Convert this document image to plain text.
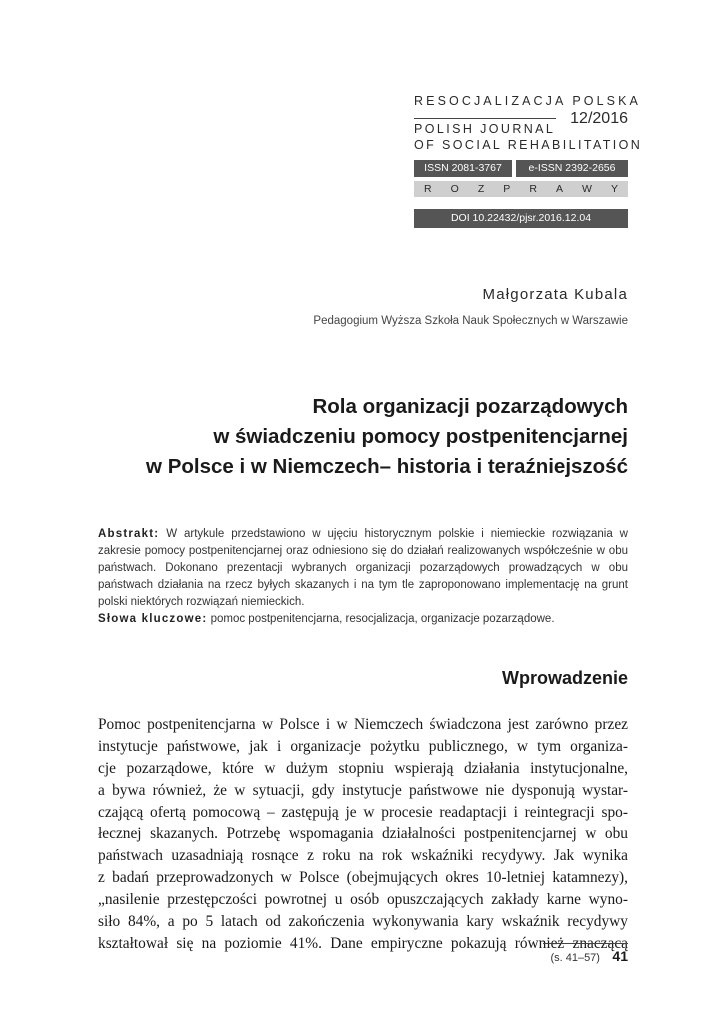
RESOCJALIZACJA POLSKA
POLISH JOURNAL
12/2016
OF SOCIAL REHABILITATION
ISSN 2081-3767	e-ISSN 2392-2656
R O Z P R A W Y
DOI 10.22432/pjsr.2016.12.04
Małgorzata Kubala
Pedagogium Wyższa Szkoła Nauk Społecznych w Warszawie
Rola organizacji pozarządowych
w świadczeniu pomocy postpenitencjarnej
w Polsce i w Niemczech– historia i teraźniejszość

Abstrakt: W artykule przedstawiono w ujęciu historycznym polskie i niemieckie rozwiązania w zakresie pomocy postpenitencjarnej oraz odniesiono się do działań realizowanych współcześnie w obu państwach. Dokonano prezentacji wybranych organizacji pozarządowych prowadzących w obu państwach działania na rzecz byłych skazanych i na tym tle zaproponowano implementację na grunt polski niektórych rozwiązań niemieckich.

Słowa kluczowe: pomoc postpenitencjarna, resocjalizacja, organizacje pozarządowe.

Wprowadzenie
Pomoc postpenitencjarna w Polsce i w Niemczech świadczona jest zarówno przez
instytucje państwowe, jak i organizacje pożytku publicznego, w tym organiza-
cje pozarządowe, które w dużym stopniu wspierają działania instytucjonalne,
a bywa również, że w sytuacji, gdy instytucje państwowe nie dysponują wystar-
czającą ofertą pomocową – zastępują je w procesie readaptacji i reintegracji spo-
łecznej skazanych. Potrzebę wspomagania działalności postpenitencjarnej w obu
państwach uzasadniają rosnące z roku na rok wskaźniki recydywy. Jak wynika
z badań przeprowadzonych w Polsce (obejmujących okres 10-letniej katamnezy),
„nasilenie przestępczości powrotnej u osób opuszczających zakłady karne wyno-
siło 84%, a po 5 latach od zakończenia wykonywania kary wskaźnik recydywy
kształtował się na poziomie 41%. Dane empiryczne pokazują również znaczącą
(s. 41–57) 41
